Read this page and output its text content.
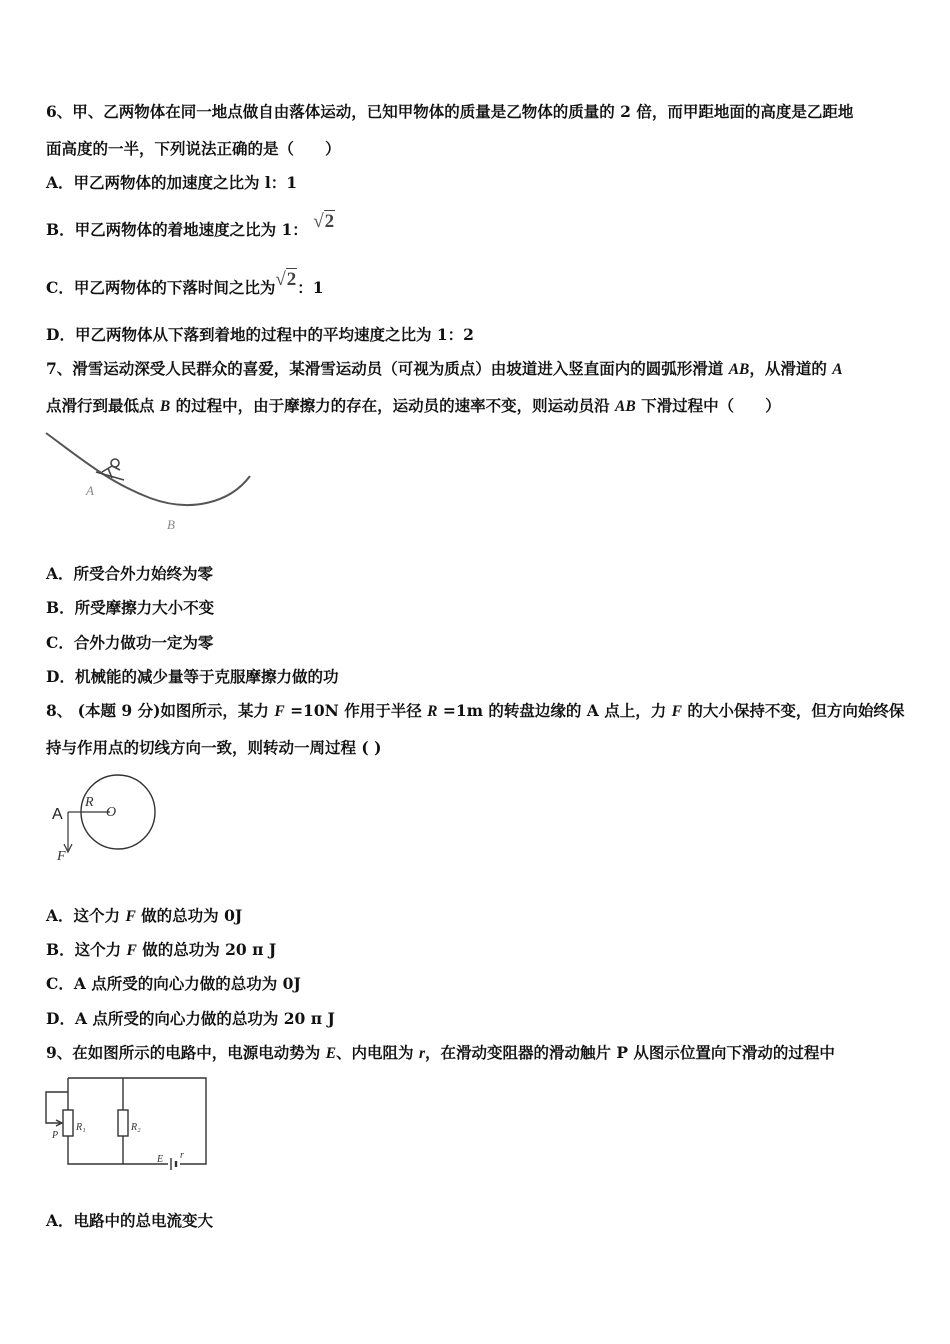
6、甲、乙两物体在同一地点做自由落体运动，已知甲物体的质量是乙物体的质量的 2 倍，而甲距地面的高度是乙距地
面高度的一半，下列说法正确的是（　　）
A．甲乙两物体的加速度之比为 l：1
B．甲乙两物体的着地速度之比为 1： √2
C．甲乙两物体的下落时间之比为√2：1
D．甲乙两物体从下落到着地的过程中的平均速度之比为 1：2
7、滑雪运动深受人民群众的喜爱，某滑雪运动员（可视为质点）由坡道进入竖直面内的圆弧形滑道 AB，从滑道的 A
点滑行到最低点 B 的过程中，由于摩擦力的存在，运动员的速率不变，则运动员沿 AB 下滑过程中（　　）
A
B
A．所受合外力始终为零
B．所受摩擦力大小不变
C．合外力做功一定为零
D．机械能的减少量等于克服摩擦力做的功
8、 (本题 9 分)如图所示，某力 F =10N 作用于半径 R =1m 的转盘边缘的 A 点上，力 F 的大小保持不变，但方向始终保
持与作用点的切线方向一致，则转动一周过程 ( )
A
R
O
F
A．这个力 F 做的总功为 0J
B．这个力 F 做的总功为 20 π J
C．A 点所受的向心力做的总功为 0J
D．A 点所受的向心力做的总功为 20 π J
9、在如图所示的电路中，电源电动势为 E、内电阻为 r，在滑动变阻器的滑动触片 P 从图示位置向下滑动的过程中
P
R₁	R₂
E r
A．电路中的总电流变大
